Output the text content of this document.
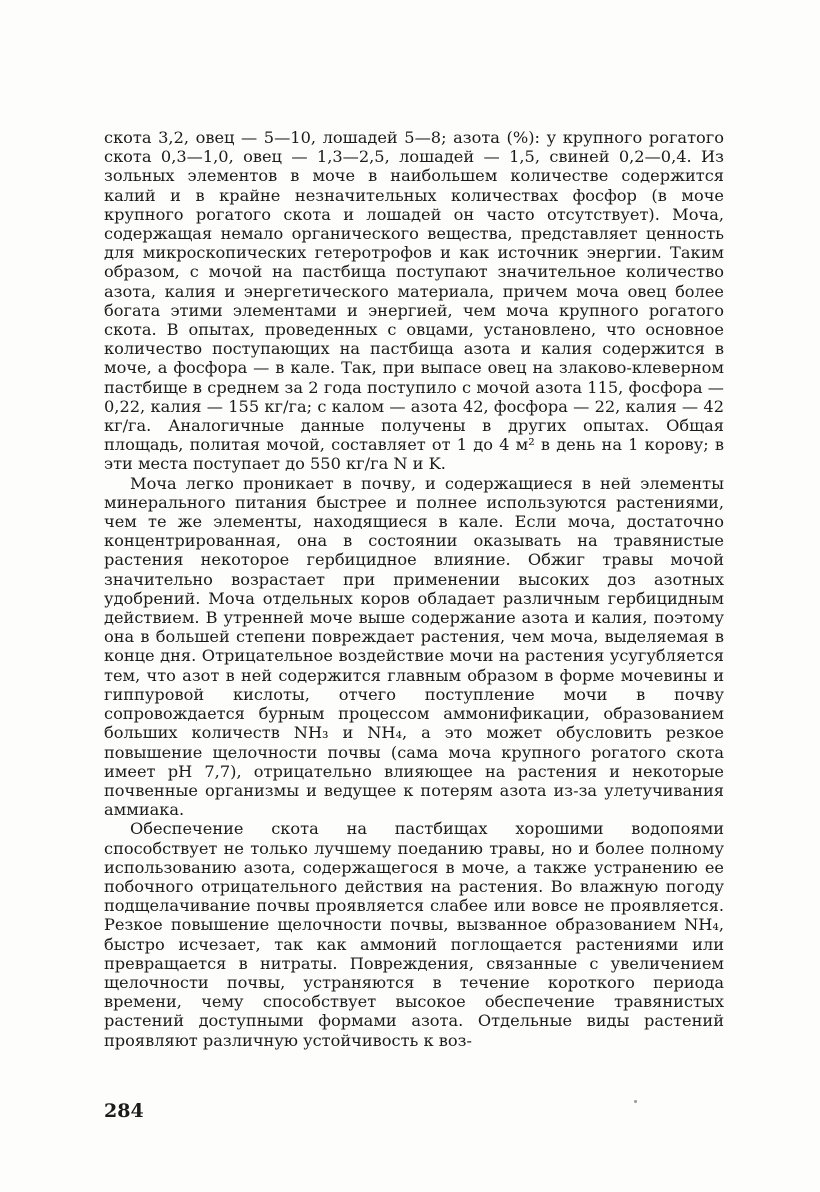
скота 3,2, овец — 5—10, лошадей 5—8; азота (%): у крупного рогатого скота 0,3—1,0, овец — 1,3—2,5, лошадей — 1,5, свиней 0,2—0,4. Из зольных элементов в моче в наибольшем количестве содержится калий и в крайне незначительных количествах фосфор (в моче крупного рогатого скота и лошадей он часто отсутствует). Моча, содержащая немало органического вещества, представляет ценность для микроскопических гетеротрофов и как источник энергии. Таким образом, с мочой на пастбища поступают значительное количество азота, калия и энергетического материала, причем моча овец более богата этими элементами и энергией, чем моча крупного рогатого скота. В опытах, проведенных с овцами, установлено, что основное количество поступающих на пастбища азота и калия содержится в моче, а фосфора — в кале. Так, при выпасе овец на злаково-клеверном пастбище в среднем за 2 года поступило с мочой азота 115, фосфора — 0,22, калия — 155 кг/га; с калом — азота 42, фосфора — 22, калия — 42 кг/га. Аналогичные данные получены в других опытах. Общая площадь, политая мочой, составляет от 1 до 4 м² в день на 1 корову; в эти места поступает до 550 кг/га N и K.

Моча легко проникает в почву, и содержащиеся в ней элементы минерального питания быстрее и полнее используются растениями, чем те же элементы, находящиеся в кале. Если моча, достаточно концентрированная, она в состоянии оказывать на травянистые растения некоторое гербицидное влияние. Обжиг травы мочой значительно возрастает при применении высоких доз азотных удобрений. Моча отдельных коров обладает различным гербицидным действием. В утренней моче выше содержание азота и калия, поэтому она в большей степени повреждает растения, чем моча, выделяемая в конце дня. Отрицательное воздействие мочи на растения усугубляется тем, что азот в ней содержится главным образом в форме мочевины и гиппуровой кислоты, отчего поступление мочи в почву сопровождается бурным процессом аммонификации, образованием больших количеств NH₃ и NH₄, а это может обусловить резкое повышение щелочности почвы (сама моча крупного рогатого скота имеет pH 7,7), отрицательно влияющее на растения и некоторые почвенные организмы и ведущее к потерям азота из-за улетучивания аммиака.

Обеспечение скота на пастбищах хорошими водопоями способствует не только лучшему поеданию травы, но и более полному использованию азота, содержащегося в моче, а также устранению ее побочного отрицательного действия на растения. Во влажную погоду подщелачивание почвы проявляется слабее или вовсе не проявляется. Резкое повышение щелочности почвы, вызванное образованием NH₄, быстро исчезает, так как аммоний поглощается растениями или превращается в нитраты. Повреждения, связанные с увеличением щелочности почвы, устраняются в течение короткого периода времени, чему способствует высокое обеспечение травянистых растений доступными формами азота. Отдельные виды растений проявляют различную устойчивость к воз-

284
